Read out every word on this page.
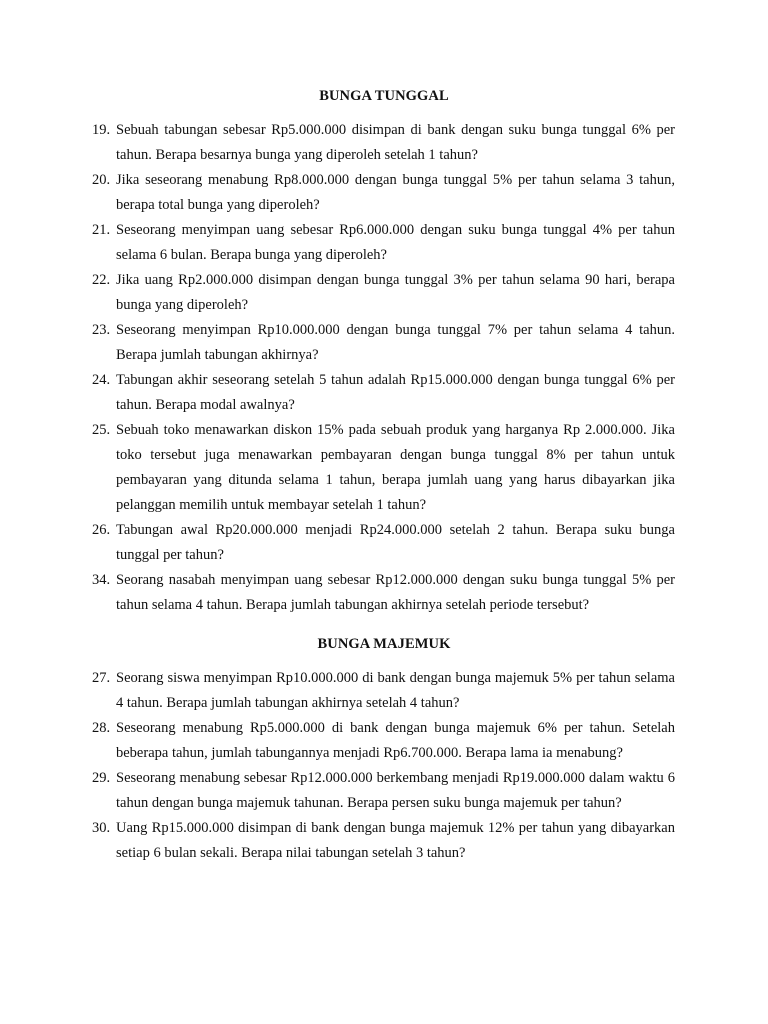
BUNGA TUNGGAL
19. Sebuah tabungan sebesar Rp5.000.000 disimpan di bank dengan suku bunga tunggal 6% per tahun. Berapa besarnya bunga yang diperoleh setelah 1 tahun?
20. Jika seseorang menabung Rp8.000.000 dengan bunga tunggal 5% per tahun selama 3 tahun, berapa total bunga yang diperoleh?
21. Seseorang menyimpan uang sebesar Rp6.000.000 dengan suku bunga tunggal 4% per tahun selama 6 bulan. Berapa bunga yang diperoleh?
22. Jika uang Rp2.000.000 disimpan dengan bunga tunggal 3% per tahun selama 90 hari, berapa bunga yang diperoleh?
23. Seseorang menyimpan Rp10.000.000 dengan bunga tunggal 7% per tahun selama 4 tahun. Berapa jumlah tabungan akhirnya?
24. Tabungan akhir seseorang setelah 5 tahun adalah Rp15.000.000 dengan bunga tunggal 6% per tahun. Berapa modal awalnya?
25. Sebuah toko menawarkan diskon 15% pada sebuah produk yang harganya Rp 2.000.000. Jika toko tersebut juga menawarkan pembayaran dengan bunga tunggal 8% per tahun untuk pembayaran yang ditunda selama 1 tahun, berapa jumlah uang yang harus dibayarkan jika pelanggan memilih untuk membayar setelah 1 tahun?
26. Tabungan awal Rp20.000.000 menjadi Rp24.000.000 setelah 2 tahun. Berapa suku bunga tunggal per tahun?
34. Seorang nasabah menyimpan uang sebesar Rp12.000.000 dengan suku bunga tunggal 5% per tahun selama 4 tahun. Berapa jumlah tabungan akhirnya setelah periode tersebut?
BUNGA MAJEMUK
27. Seorang siswa menyimpan Rp10.000.000 di bank dengan bunga majemuk 5% per tahun selama 4 tahun. Berapa jumlah tabungan akhirnya setelah 4 tahun?
28. Seseorang menabung Rp5.000.000 di bank dengan bunga majemuk 6% per tahun. Setelah beberapa tahun, jumlah tabungannya menjadi Rp6.700.000. Berapa lama ia menabung?
29. Seseorang menabung sebesar Rp12.000.000 berkembang menjadi Rp19.000.000 dalam waktu 6 tahun dengan bunga majemuk tahunan. Berapa persen suku bunga majemuk per tahun?
30. Uang Rp15.000.000 disimpan di bank dengan bunga majemuk 12% per tahun yang dibayarkan setiap 6 bulan sekali. Berapa nilai tabungan setelah 3 tahun?
